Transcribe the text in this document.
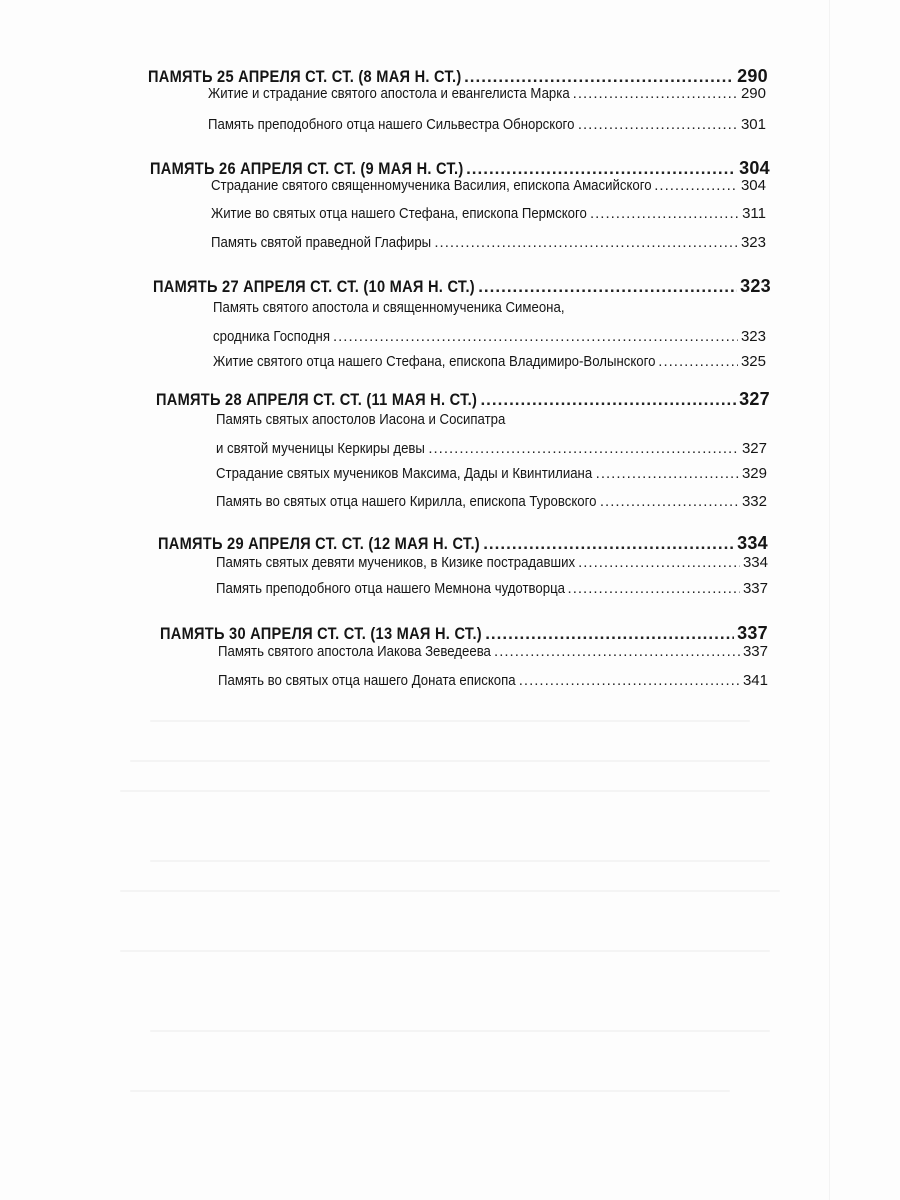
ПАМЯТЬ 25 АПРЕЛЯ СТ. СТ. (8 МАЯ Н. СТ.) .....	290
Житие и страдание святого апостола и евангелиста Марка .....	290
Память преподобного отца нашего Сильвестра Обнорского .....	301
ПАМЯТЬ 26 АПРЕЛЯ СТ. СТ. (9 МАЯ Н. СТ.) .....	304
Страдание святого священномученика Василия, епископа Амасийского .....	304
Житие во святых отца нашего Стефана, епископа Пермского .....	311
Память святой праведной Глафиры .....	323
ПАМЯТЬ 27 АПРЕЛЯ СТ. СТ. (10 МАЯ Н. СТ.) .....	323
Память святого апостола и священномученика Симеона,
сродника Господня .....	323
Житие святого отца нашего Стефана, епископа Владимиро-Волынского .....	325
ПАМЯТЬ 28 АПРЕЛЯ СТ. СТ. (11 МАЯ Н. СТ.) .....	327
Память святых апостолов Иасона и Сосипатра
и святой мученицы Керкиры девы .....	327
Страдание святых мучеников Максима, Дады и Квинтилиана .....	329
Память во святых отца нашего Кирилла, епископа Туровского .....	332
ПАМЯТЬ 29 АПРЕЛЯ СТ. СТ. (12 МАЯ Н. СТ.) .....	334
Память святых девяти мучеников, в Кизике пострадавших .....	334
Память преподобного отца нашего Мемнона чудотворца .....	337
ПАМЯТЬ 30 АПРЕЛЯ СТ. СТ. (13 МАЯ Н. СТ.) .....	337
Память святого апостола Иакова Зеведеева .....	337
Память во святых отца нашего Доната епископа .....	341
